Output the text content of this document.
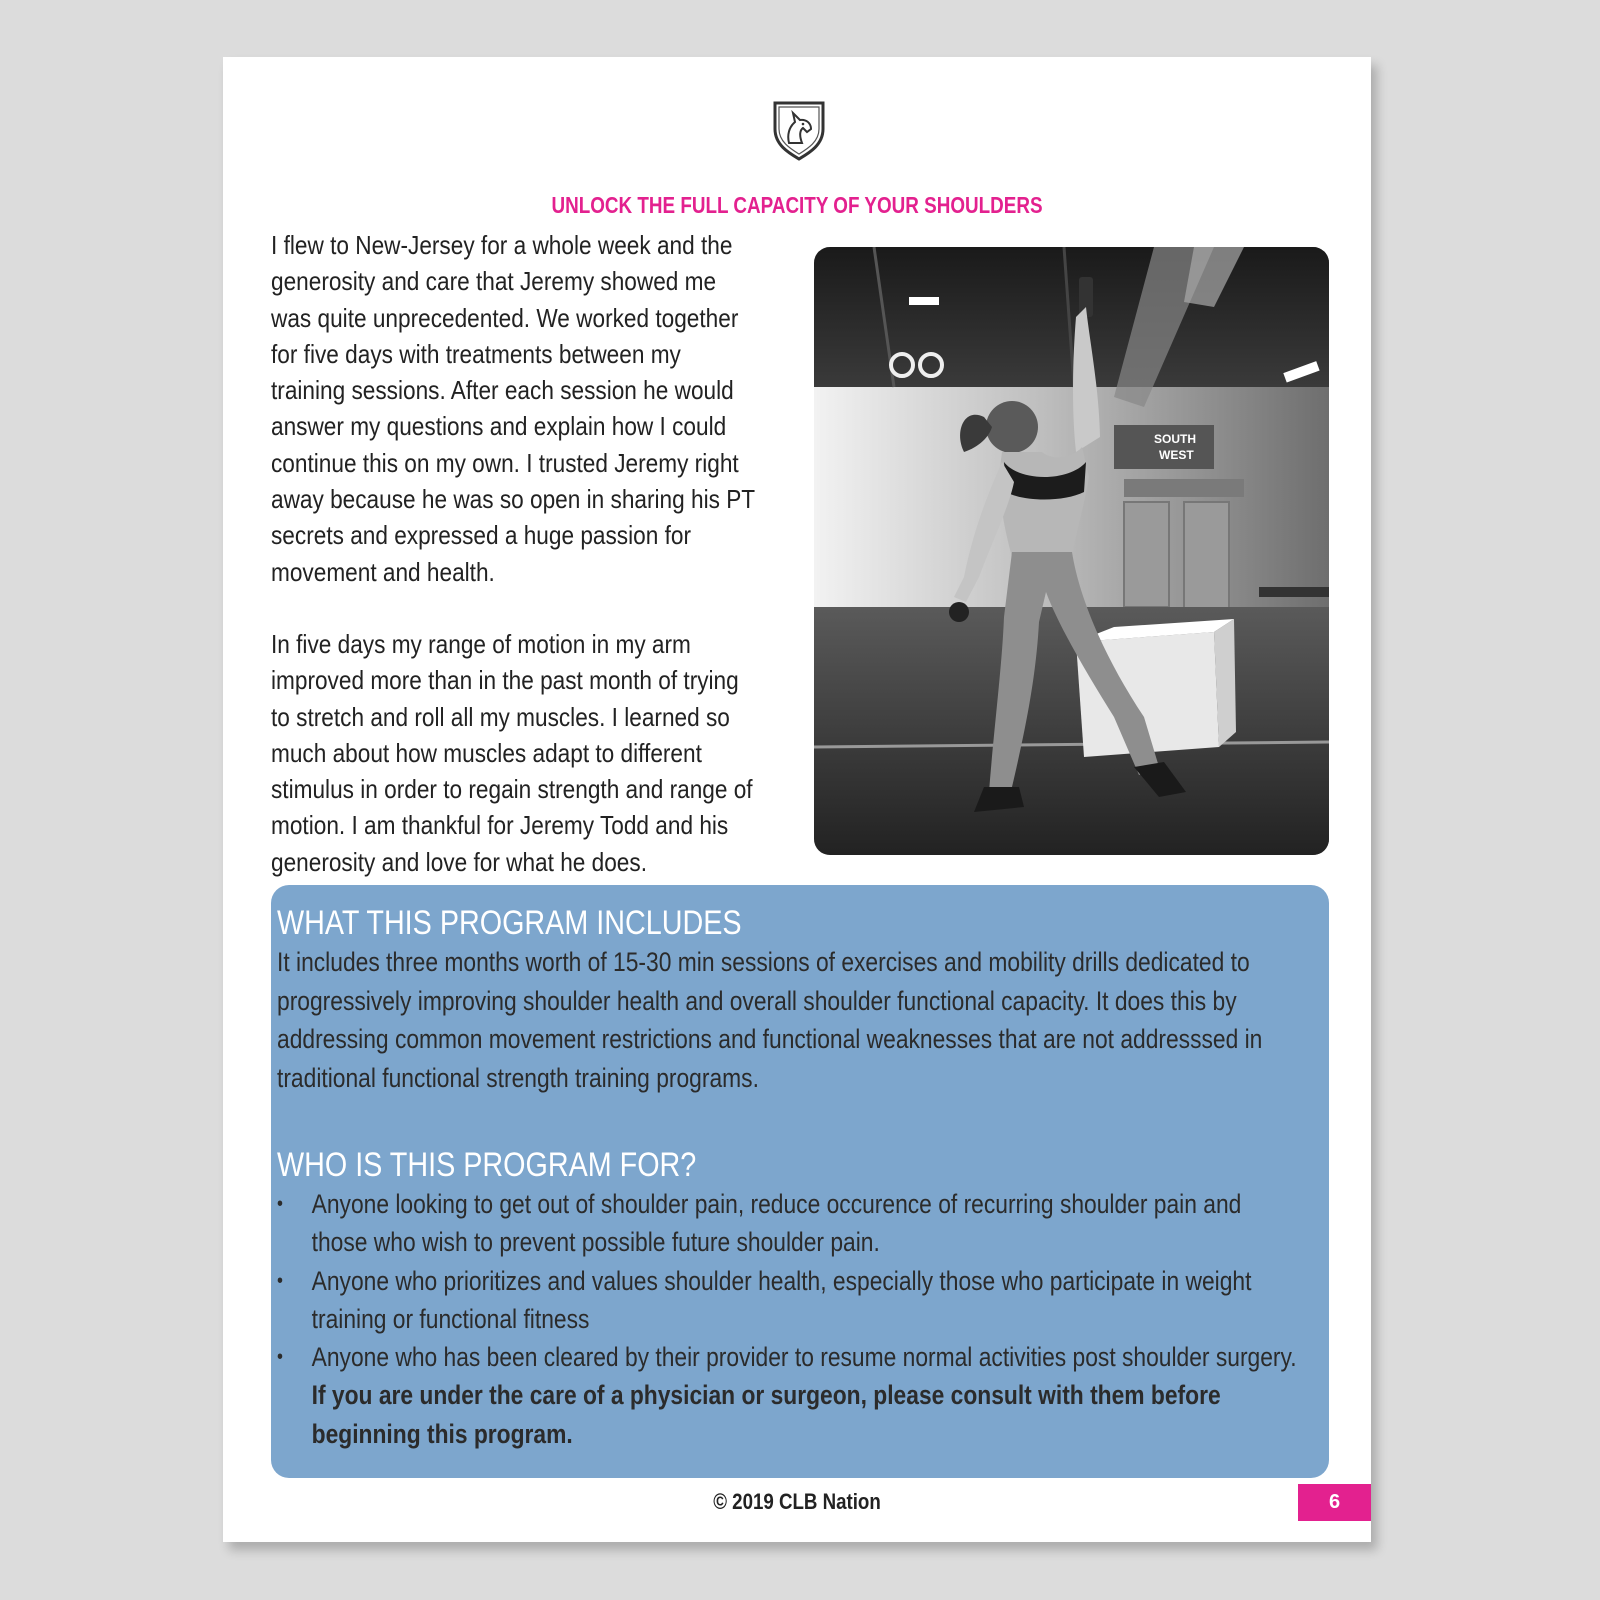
UNLOCK THE FULL CAPACITY OF YOUR SHOULDERS

I flew to New-Jersey for a whole week and the generosity and care that Jeremy showed me was quite unprecedented. We worked together for five days with treatments between my training sessions. After each session he would answer my questions and explain how I could continue this on my own. I trusted Jeremy right away because he was so open in sharing his PT secrets and expressed a huge passion for movement and health.

In five days my range of motion in my arm improved more than in the past month of trying to stretch and roll all my muscles. I learned so much about how muscles adapt to different stimulus in order to regain strength and range of motion. I am thankful for Jeremy Todd and his generosity and love for what he does.

SOUTH
WEST
WHAT THIS PROGRAM INCLUDES

It includes three months worth of 15-30 min sessions of exercises and mobility drills dedicated to progressively improving shoulder health and overall shoulder functional capacity. It does this by addressing common movement restrictions and functional weaknesses that are not addresssed in traditional functional strength training programs.

WHO IS THIS PROGRAM FOR?
• Anyone looking to get out of shoulder pain, reduce occurence of recurring shoulder pain and those who wish to prevent possible future shoulder pain.
• Anyone who prioritizes and values shoulder health, especially those who participate in weight training or functional fitness
• Anyone who has been cleared by their provider to resume normal activities post shoulder surgery. If you are under the care of a physician or surgeon, please consult with them before beginning this program.
© 2019 CLB Nation	6
